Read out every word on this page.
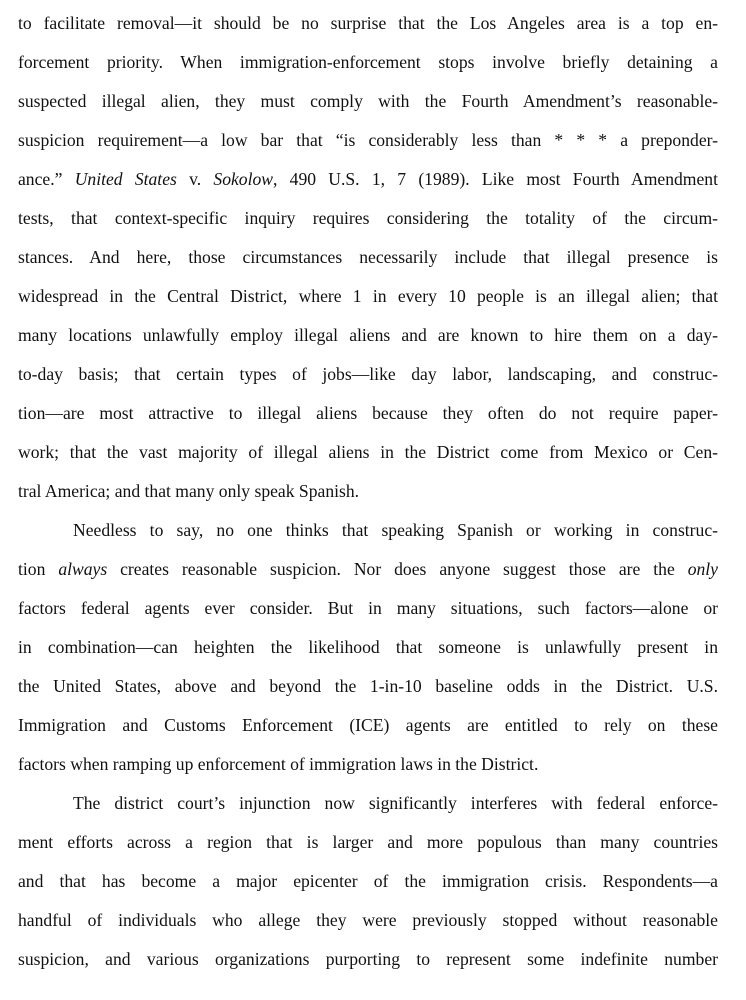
to facilitate removal—it should be no surprise that the Los Angeles area is a top en-
forcement priority. When immigration-enforcement stops involve briefly detaining a
suspected illegal alien, they must comply with the Fourth Amendment’s reasonable-
suspicion requirement—a low bar that “is considerably less than * * * a preponder-
ance.” United States v. Sokolow, 490 U.S. 1, 7 (1989). Like most Fourth Amendment
tests, that context-specific inquiry requires considering the totality of the circum-
stances. And here, those circumstances necessarily include that illegal presence is
widespread in the Central District, where 1 in every 10 people is an illegal alien; that
many locations unlawfully employ illegal aliens and are known to hire them on a day-
to-day basis; that certain types of jobs—like day labor, landscaping, and construc-
tion—are most attractive to illegal aliens because they often do not require paper-
work; that the vast majority of illegal aliens in the District come from Mexico or Cen-
tral America; and that many only speak Spanish.
Needless to say, no one thinks that speaking Spanish or working in construc-
tion always creates reasonable suspicion. Nor does anyone suggest those are the only
factors federal agents ever consider. But in many situations, such factors—alone or
in combination—can heighten the likelihood that someone is unlawfully present in
the United States, above and beyond the 1-in-10 baseline odds in the District. U.S.
Immigration and Customs Enforcement (ICE) agents are entitled to rely on these
factors when ramping up enforcement of immigration laws in the District.
The district court’s injunction now significantly interferes with federal enforce-
ment efforts across a region that is larger and more populous than many countries
and that has become a major epicenter of the immigration crisis. Respondents—a
handful of individuals who allege they were previously stopped without reasonable
suspicion, and various organizations purporting to represent some indefinite number
